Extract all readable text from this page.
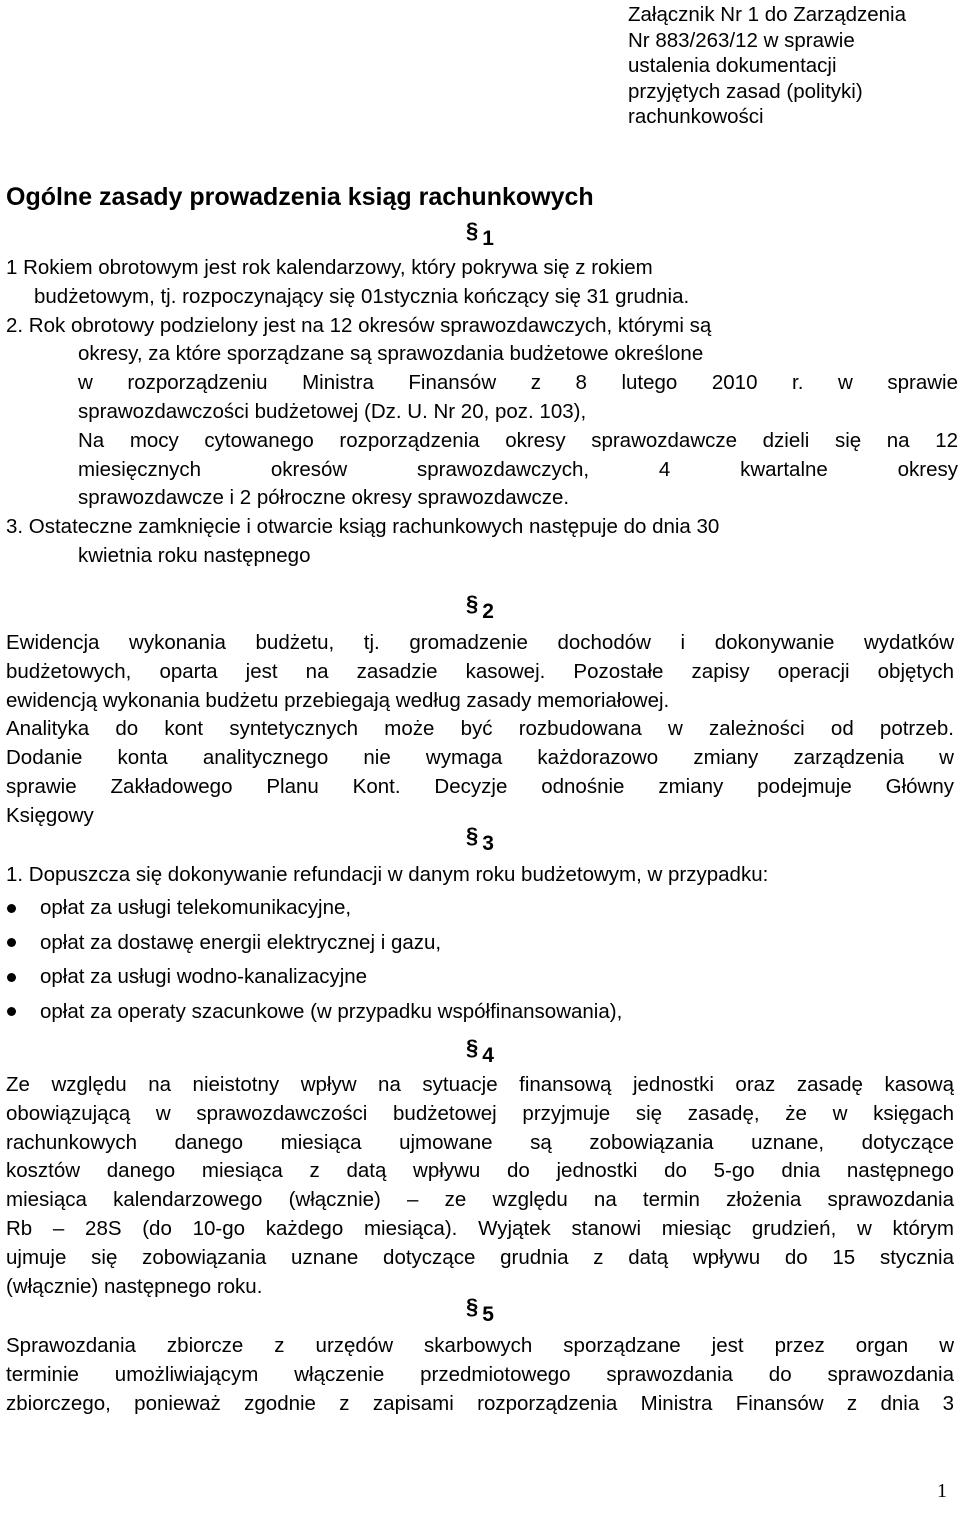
Załącznik Nr 1 do Zarządzenia
Nr 883/263/12 w sprawie
ustalenia dokumentacji
przyjętych zasad (polityki)
rachunkowości
Ogólne zasady prowadzenia ksiąg rachunkowych
§ 1
1 Rokiem obrotowym jest rok kalendarzowy, który pokrywa się z rokiem
budżetowym, tj. rozpoczynający się 01stycznia kończący się 31 grudnia.
2. Rok obrotowy podzielony jest na 12 okresów sprawozdawczych, którymi są
okresy, za które sporządzane są sprawozdania budżetowe określone
w rozporządzeniu Ministra Finansów z 8 lutego 2010 r. w sprawie
sprawozdawczości budżetowej (Dz. U. Nr 20, poz. 103),
Na mocy cytowanego rozporządzenia okresy sprawozdawcze dzieli się na 12
miesięcznych okresów sprawozdawczych, 4 kwartalne okresy
sprawozdawcze i 2 półroczne okresy sprawozdawcze.
3. Ostateczne zamknięcie i otwarcie ksiąg rachunkowych następuje do dnia 30
kwietnia roku następnego
§ 2
Ewidencja wykonania budżetu, tj. gromadzenie dochodów i dokonywanie wydatków
budżetowych, oparta jest na zasadzie kasowej. Pozostałe zapisy operacji objętych
ewidencją wykonania budżetu przebiegają według zasady memoriałowej.
Analityka do kont syntetycznych może być rozbudowana w zależności od potrzeb.
Dodanie konta analitycznego nie wymaga każdorazowo zmiany zarządzenia w
sprawie Zakładowego Planu Kont. Decyzje odnośnie zmiany podejmuje Główny
Księgowy
§ 3
1. Dopuszcza się dokonywanie refundacji w danym roku budżetowym, w przypadku:
opłat za usługi telekomunikacyjne,
opłat za dostawę energii elektrycznej i gazu,
opłat za usługi wodno-kanalizacyjne
opłat za operaty szacunkowe (w przypadku współfinansowania),
§ 4
Ze względu na nieistotny wpływ na sytuacje finansową jednostki oraz zasadę kasową
obowiązującą w sprawozdawczości budżetowej przyjmuje się zasadę, że w księgach
rachunkowych danego miesiąca ujmowane są zobowiązania uznane, dotyczące
kosztów danego miesiąca z datą wpływu do jednostki do 5-go dnia następnego
miesiąca kalendarzowego (włącznie) – ze względu na termin złożenia sprawozdania
Rb – 28S (do 10-go każdego miesiąca). Wyjątek stanowi miesiąc grudzień, w którym
ujmuje się zobowiązania uznane dotyczące grudnia z datą wpływu do 15 stycznia
(włącznie) następnego roku.
§ 5
Sprawozdania zbiorcze z urzędów skarbowych sporządzane jest przez organ w
terminie umożliwiającym włączenie przedmiotowego sprawozdania do sprawozdania
zbiorczego, ponieważ zgodnie z zapisami rozporządzenia Ministra Finansów z dnia 3
1
